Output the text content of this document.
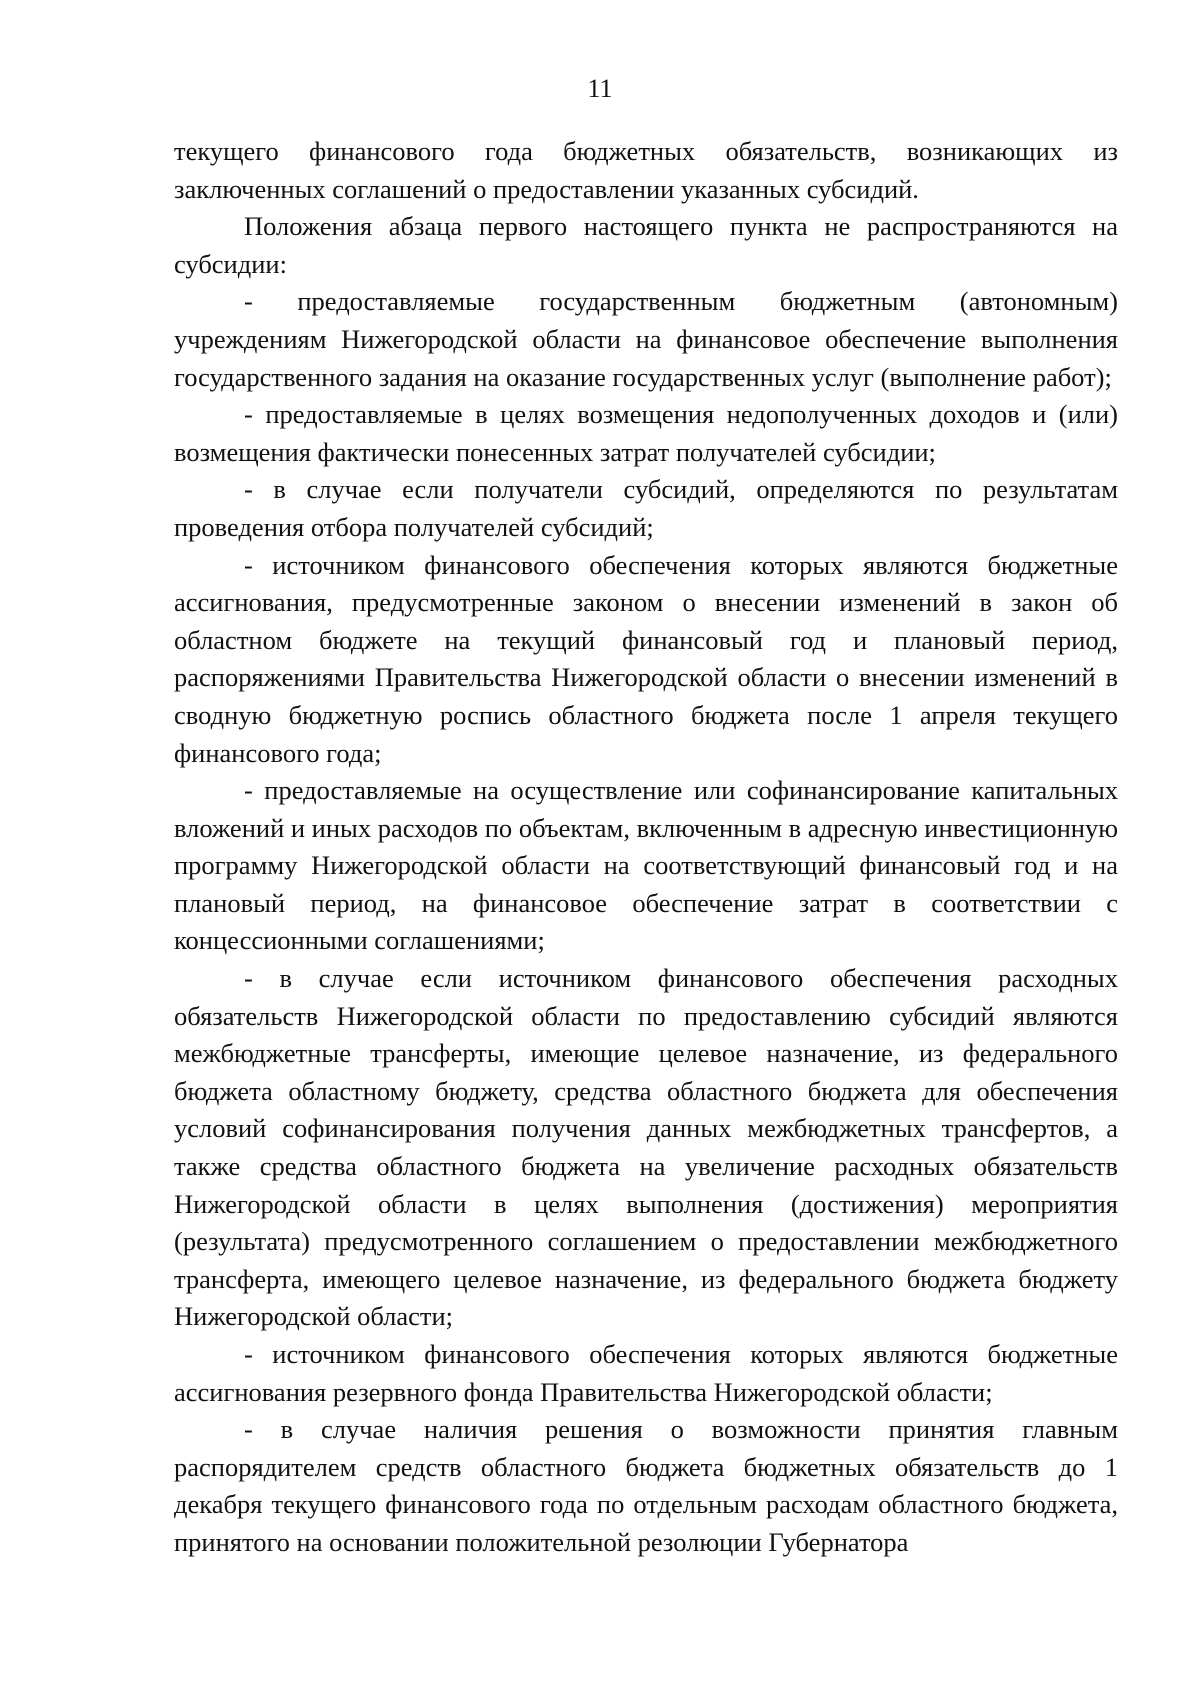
11

текущего финансового года бюджетных обязательств, возникающих из заключенных соглашений о предоставлении указанных субсидий.

Положения абзаца первого настоящего пункта не распространяются на субсидии:

- предоставляемые государственным бюджетным (автономным) учреждениям Нижегородской области на финансовое обеспечение выполнения государственного задания на оказание государственных услуг (выполнение работ);

- предоставляемые в целях возмещения недополученных доходов и (или) возмещения фактически понесенных затрат получателей субсидии;

- в случае если получатели субсидий, определяются по результатам проведения отбора получателей субсидий;

- источником финансового обеспечения которых являются бюджетные ассигнования, предусмотренные законом о внесении изменений в закон об областном бюджете на текущий финансовый год и плановый период, распоряжениями Правительства Нижегородской области о внесении изменений в сводную бюджетную роспись областного бюджета после 1 апреля текущего финансового года;

- предоставляемые на осуществление или софинансирование капитальных вложений и иных расходов по объектам, включенным в адресную инвестиционную программу Нижегородской области на соответствующий финансовый год и на плановый период, на финансовое обеспечение затрат в соответствии с концессионными соглашениями;

- в случае если источником финансового обеспечения расходных обязательств Нижегородской области по предоставлению субсидий являются межбюджетные трансферты, имеющие целевое назначение, из федерального бюджета областному бюджету, средства областного бюджета для обеспечения условий софинансирования получения данных межбюджетных трансфертов, а также средства областного бюджета на увеличение расходных обязательств Нижегородской области в целях выполнения (достижения) мероприятия (результата) предусмотренного соглашением о предоставлении межбюджетного трансферта, имеющего целевое назначение, из федерального бюджета бюджету Нижегородской области;

- источником финансового обеспечения которых являются бюджетные ассигнования резервного фонда Правительства Нижегородской области;

- в случае наличия решения о возможности принятия главным распорядителем средств областного бюджета бюджетных обязательств до 1 декабря текущего финансового года по отдельным расходам областного бюджета, принятого на основании положительной резолюции Губернатора
